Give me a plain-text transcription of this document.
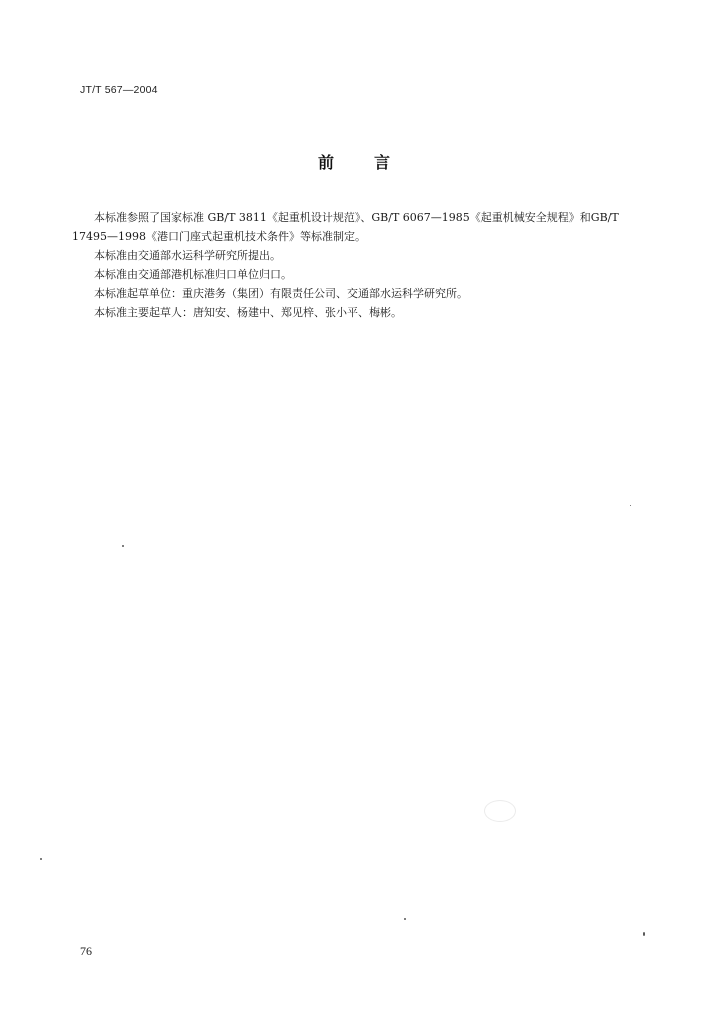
JT/T 567—2004
前	言

本标准参照了国家标准 GB/T 3811《起重机设计规范》、GB/T 6067—1985《起重机械安全规程》和GB/T 17495—1998《港口门座式起重机技术条件》等标准制定。

本标准由交通部水运科学研究所提出。

本标准由交通部港机标准归口单位归口。

本标准起草单位：重庆港务（集团）有限责任公司、交通部水运科学研究所。

本标准主要起草人：唐知安、杨建中、郑见梓、张小平、梅彬。

76
